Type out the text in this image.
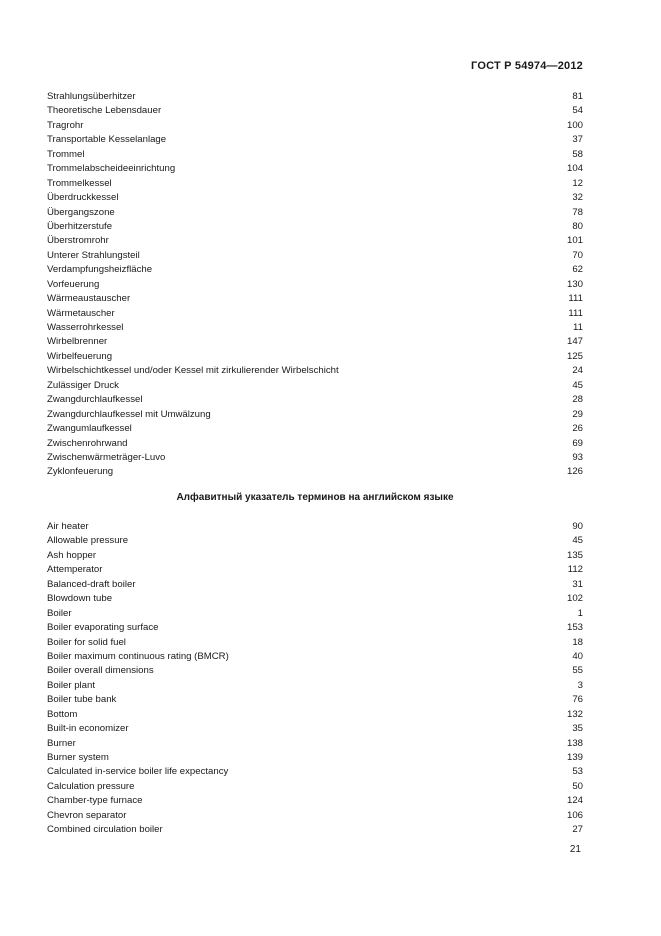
ГОСТ Р 54974—2012
Strahlungsüberhitzer	81
Theoretische Lebensdauer	54
Tragrohr	100
Transportable Kesselanlage	37
Trommel	58
Trommelabscheideeinrichtung	104
Trommelkessel	12
Überdruckkessel	32
Übergangszone	78
Überhitzerstufe	80
Überstromrohr	101
Unterer Strahlungsteil	70
Verdampfungsheizfläche	62
Vorfeuerung	130
Wärmeaustauscher	111
Wärmetauscher	111
Wasserrohrkessel	11
Wirbelbrenner	147
Wirbelfeuerung	125
Wirbelschichtkessel und/oder Kessel mit zirkulierender Wirbelschicht	24
Zulässiger Druck	45
Zwangdurchlaufkessel	28
Zwangdurchlaufkessel mit Umwälzung	29
Zwangumlaufkessel	26
Zwischenrohrwand	69
Zwischenwärmeträger-Luvo	93
Zyklonfeuerung	126
Алфавитный указатель терминов на английском языке
Air heater	90
Allowable pressure	45
Ash hopper	135
Attemperator	112
Balanced-draft boiler	31
Blowdown tube	102
Boiler	1
Boiler evaporating surface	153
Boiler for solid fuel	18
Boiler maximum continuous rating (BMCR)	40
Boiler overall dimensions	55
Boiler plant	3
Boiler tube bank	76
Bottom	132
Built-in economizer	35
Burner	138
Burner system	139
Calculated in-service boiler life expectancy	53
Calculation pressure	50
Chamber-type furnace	124
Chevron separator	106
Combined circulation boiler	27
21
